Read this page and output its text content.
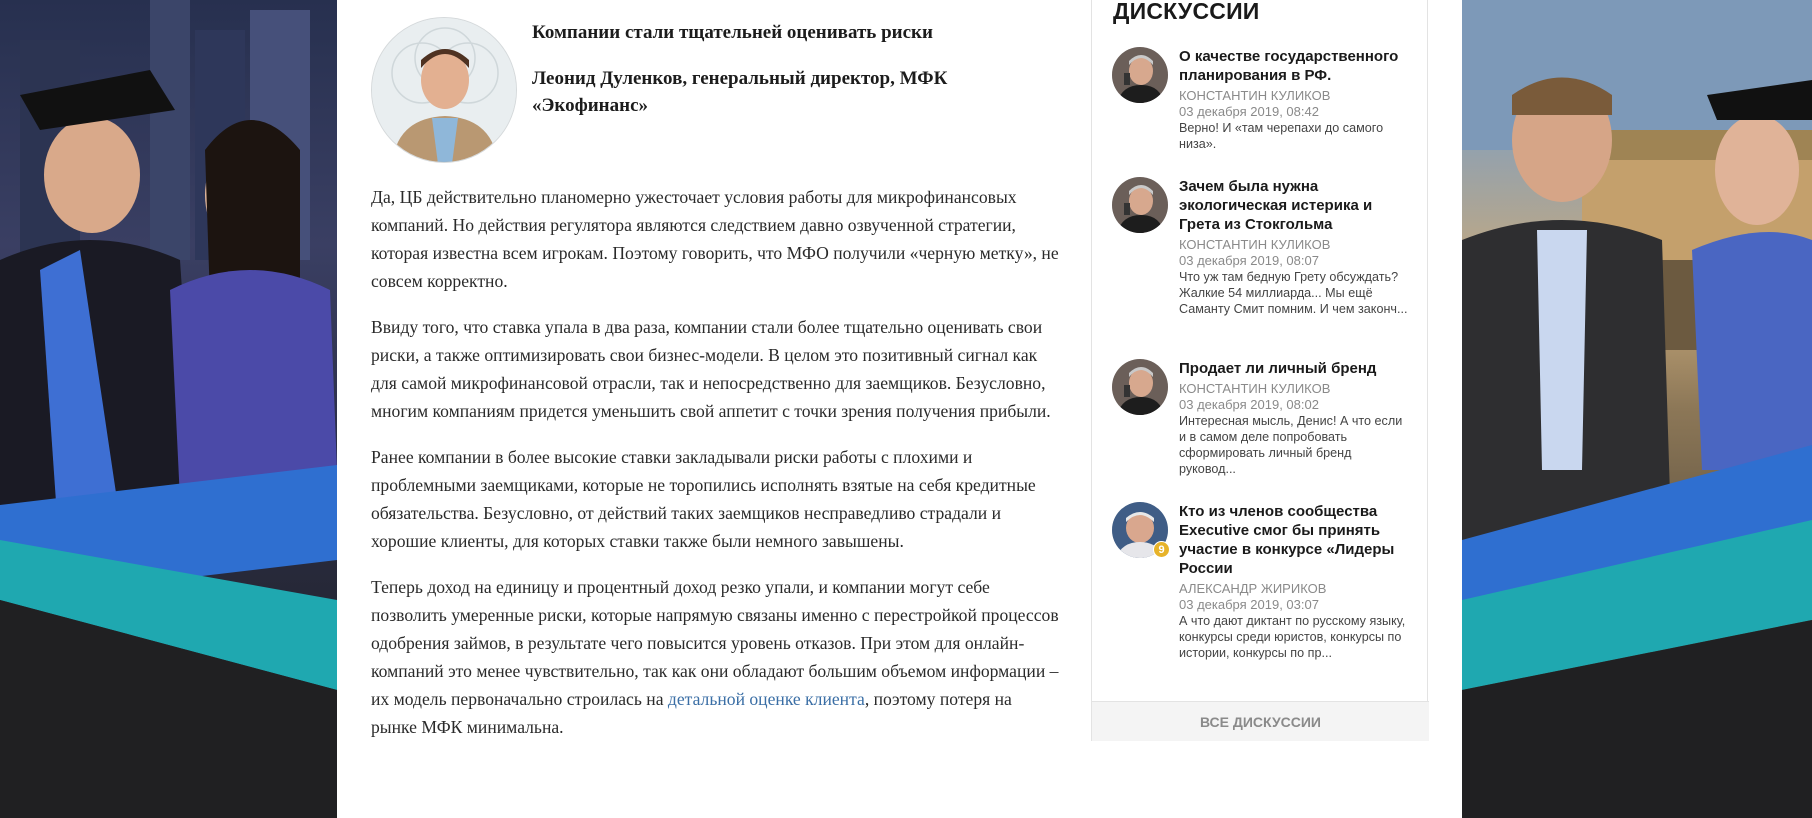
Компании стали тщательней оценивать риски
Леонид Дуленков, генеральный директор, МФК «Экофинанс»

Да, ЦБ действительно планомерно ужесточает условия работы для микрофинансовых компаний. Но действия регулятора являются следствием давно озвученной стратегии, которая известна всем игрокам. Поэтому говорить, что МФО получили «черную метку», не совсем корректно.

Ввиду того, что ставка упала в два раза, компании стали более тщательно оценивать свои риски, а также оптимизировать свои бизнес-модели. В целом это позитивный сигнал как для самой микрофинансовой отрасли, так и непосредственно для заемщиков. Безусловно, многим компаниям придется уменьшить свой аппетит с точки зрения получения прибыли.

Ранее компании в более высокие ставки закладывали риски работы с плохими и проблемными заемщиками, которые не торопились исполнять взятые на себя кредитные обязательства. Безусловно, от действий таких заемщиков несправедливо страдали и хорошие клиенты, для которых ставки также были немного завышены.

Теперь доход на единицу и процентный доход резко упали, и компании могут себе позволить умеренные риски, которые напрямую связаны именно с перестройкой процессов одобрения займов, в результате чего повысится уровень отказов. При этом для онлайн-компаний это менее чувствительно, так как они обладают большим объемом информации – их модель первоначально строилась на детальной оценке клиента, поэтому потеря на рынке МФК минимальна.

ДИСКУССИИ
О качестве государственного планирования в РФ.
КОНСТАНТИН КУЛИКОВ
03 декабря 2019, 08:42
Верно! И «там черепахи до самого низа».
Зачем была нужна экологическая истерика и Грета из Стокгольма
КОНСТАНТИН КУЛИКОВ
03 декабря 2019, 08:07
Что уж там бедную Грету обсуждать? Жалкие 54 миллиарда... Мы ещё Саманту Смит помним. И чем законч...
Продает ли личный бренд
КОНСТАНТИН КУЛИКОВ
03 декабря 2019, 08:02
Интересная мысль, Денис! А что если и в самом деле попробовать сформировать личный бренд руковод...
9
Кто из членов сообщества Executive смог бы принять участие в конкурсе «Лидеры России
АЛЕКСАНДР ЖИРИКОВ
03 декабря 2019, 03:07
А что дают диктант по русскому языку, конкурсы среди юристов, конкурсы по истории, конкурсы по пр...
ВСЕ ДИСКУССИИ
